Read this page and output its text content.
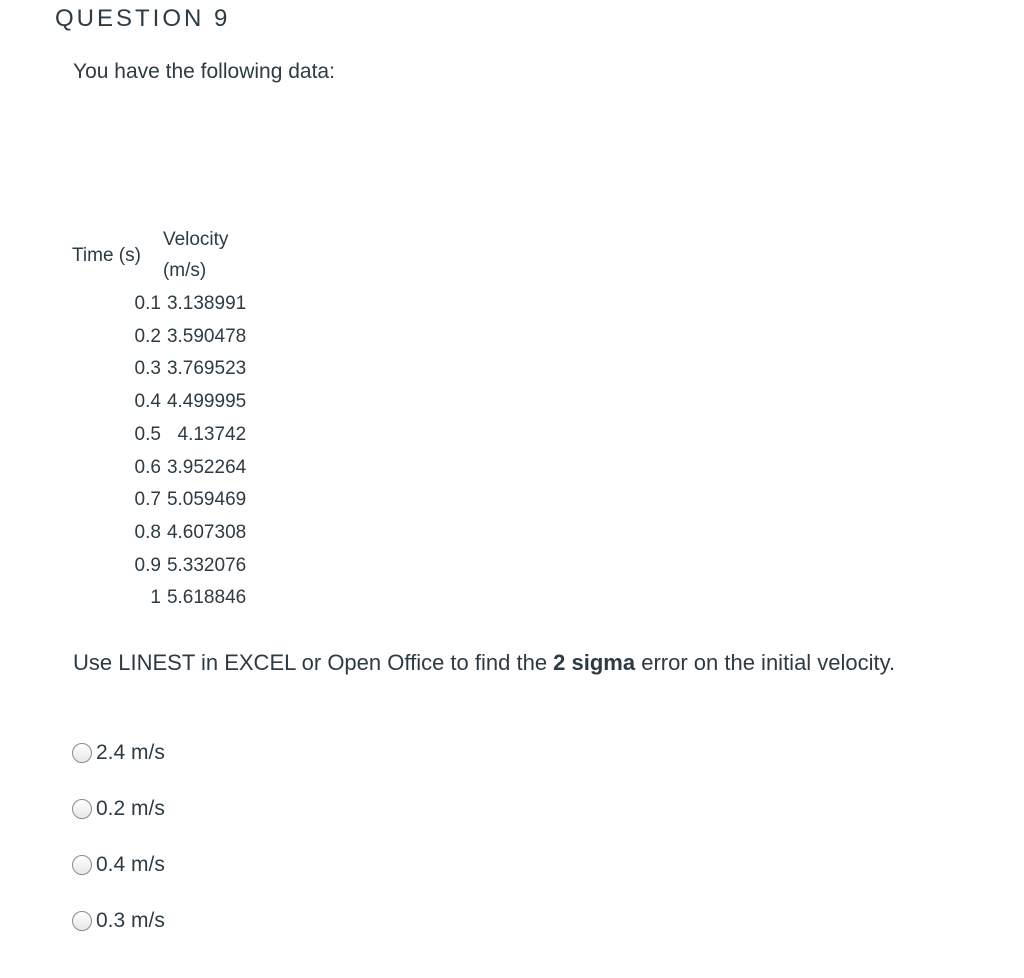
QUESTION 9
You have the following data:
Time (s)	Velocity
(m/s)
0.1	3.138991
0.2	3.590478
0.3	3.769523
0.4	4.499995
0.5	4.13742
0.6	3.952264
0.7	5.059469
0.8	4.607308
0.9	5.332076
1	5.618846
Use LINEST in EXCEL or Open Office to find the 2 sigma error on the initial velocity.
2.4 m/s
0.2 m/s
0.4 m/s
0.3 m/s
